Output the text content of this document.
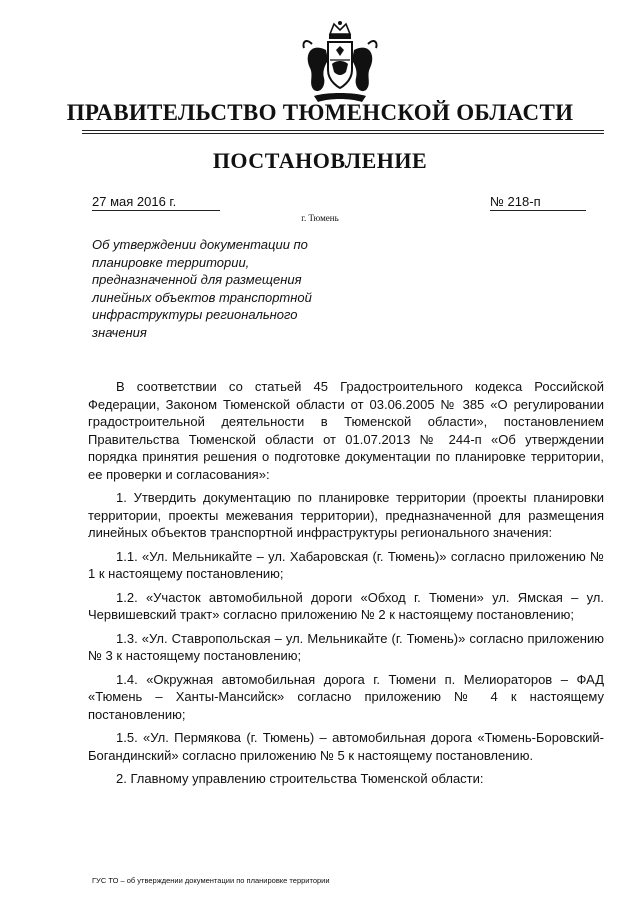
ПРАВИТЕЛЬСТВО ТЮМЕНСКОЙ ОБЛАСТИ
ПОСТАНОВЛЕНИЕ
27 мая 2016 г.	№ 218-п
г. Тюмень
Об утверждении документации по планировке территории, предназначенной для размещения линейных объектов транспортной инфраструктуры регионального значения

В соответствии со статьей 45 Градостроительного кодекса Российской Федерации, Законом Тюменской области от 03.06.2005 № 385 «О регулировании градостроительной деятельности в Тюменской области», постановлением Правительства Тюменской области от 01.07.2013 № 244-п «Об утверждении порядка принятия решения о подготовке документации по планировке территории, ее проверки и согласования»:

1. Утвердить документацию по планировке территории (проекты планировки территории, проекты межевания территории), предназначенной для размещения линейных объектов транспортной инфраструктуры регионального значения:

1.1. «Ул. Мельникайте – ул. Хабаровская (г. Тюмень)» согласно приложению № 1 к настоящему постановлению;

1.2. «Участок автомобильной дороги «Обход г. Тюмени» ул. Ямская – ул. Червишевский тракт» согласно приложению № 2 к настоящему постановлению;

1.3. «Ул. Ставропольская – ул. Мельникайте (г. Тюмень)» согласно приложению № 3 к настоящему постановлению;

1.4. «Окружная автомобильная дорога г. Тюмени п. Мелиораторов – ФАД «Тюмень – Ханты-Мансийск» согласно приложению № 4 к настоящему постановлению;

1.5. «Ул. Пермякова (г. Тюмень) – автомобильная дорога «Тюмень-Боровский-Богандинский» согласно приложению № 5 к настоящему постановлению.

2. Главному управлению строительства Тюменской области:

ГУС ТО – об утверждении документации по планировке территории
